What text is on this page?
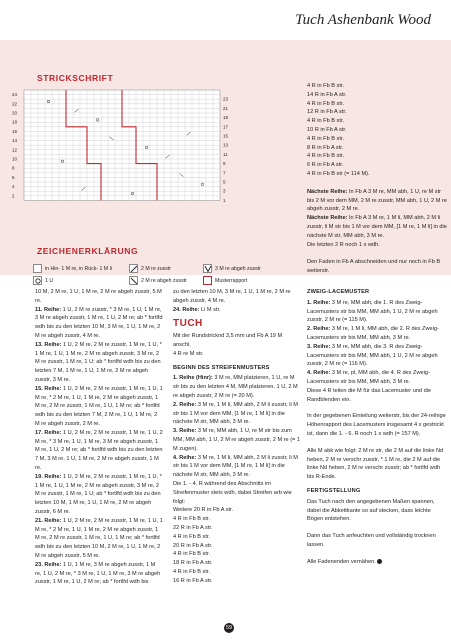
Tuch Ashenbank Wood
STRICKSCHRIFT
24
22
20
18
16
14
12
10
8
6
4
2
23
21
19
17
15
13
11
9
7
5
3
1
ZEICHENERKLÄRUNG
in Hin- 1 M re, in Rück- 1 M li	2 M re zusstr	3 M re abgeh zusstr
1 U	2 M re abgeh zusstr	Musterrapport

4 R in Fb B str.

14 R in Fb A str.

4 R in Fb B str.

12 R in Fb A str.

4 R in Fb B str.

10 R in Fb A str.

4 R in Fb B str.

8 R in Fb A str.

4 R in Fb B str.

6 R in Fb A str.

4 R in Fb B str (= 114 M).

Nächste Reihe: In Fb A 3 M re, MM abh, 1 U, re M str bis 2 M vor dem MM, 2 M re zusstr, MM abh, 1 U, 2 M re abgeh zusstr, 2 M re.

Nächste Reihe: In Fb A 3 M re, 1 M li, MM abh, 2 M li zusstr, li M str bis 1 M vor dem MM, [1 M re, 1 M li] in die nächste M str, MM abh, 3 M re.

Die letzten 2 R noch 1 x wdh.

Den Faden in Fb A abschneiden und nur noch in Fb B weiterstr.

10 M, 2 M re, 1 U, 1 M re, 2 M re abgeh zusstr, 5 M re.

11. Reihe: 1 U, 2 M re zusstr, * 3 M re, 1 U, 1 M re, 3 M re abgeh zusstr, 1 M re, 1 U, 2 M re; ab * fortlfd wdh bis zu den letzten 10 M, 3 M re, 1 U, 1 M re, 2 M re abgeh zusstr, 4 M re.

13. Reihe: 1 U, 2 M re, 2 M re zusstr, 1 M re, 1 U, * 1 M re, 1 U, 1 M re, 2 M re abgeh zusstr, 3 M re, 2 M re zusstr, 1 M re, 1 U; ab * fortlfd wdh bis zu den letzten 7 M, 1 M re, 1 U, 1 M re, 2 M re abgeh zusstr, 3 M re.

15. Reihe: 1 U, 2 M re, 2 M re zusstr, 1 M re, 1 U, 1 M re, * 2 M re, 1 U, 1 M re, 2 M re abgeh zusstr, 1 M re, 2 M re zusstr, 1 M re, 1 U, 1 M re; ab * fortlfd wdh bis zu den letzten 7 M, 2 M re, 1 U, 1 M re, 2 M re abgeh zusstr, 2 M re.

17. Reihe: 1 U, 2 M re, 2 M re zusstr, 1 M re, 1 U, 2 M re, * 3 M re, 1 U, 1 M re, 3 M re abgeh zusstr, 1 M re, 1 U, 2 M re; ab * fortlfd wdh bis zu den letzten 7 M, 3 M re, 1 U, 1 M re, 2 M re abgeh zusstr, 1 M re.

19. Reihe: 1 U, 2 M re, 2 M re zusstr, 1 M re, 1 U, * 1 M re, 1 U, 1 M re, 2 M re abgeh zusstr, 3 M re, 2 M re zusstr, 1 M re, 1 U; ab * fortlfd wdh bis zu den letzten 10 M, 1 M re, 1 U, 1 M re, 2 M re abgeh zusstr, 6 M re.

21. Reihe: 1 U, 2 M re, 2 M re zusstr, 1 M re, 1 U, 1 M re, * 2 M re, 1 U, 1 M re, 2 M re abgeh zusstr, 1 M re, 2 M re zusstr, 1 M re, 1 U, 1 M re; ab * fortlfd wdh bis zu den letzten 10 M, 2 M re, 1 U, 1 M re, 2 M re abgeh zusstr, 5 M re.

23. Reihe: 1 U, 1 M re, 3 M re abgeh zusstr, 1 M re, 1 U, 2 M re, * 3 M re, 1 U, 1 M re, 3 M re abgeh zusstr, 1 M re, 1 U, 2 M re; ab * fortlfd wdh bis

zu den letzten 10 M, 3 M re, 1 U, 1 M re, 2 M re abgeh zusstr, 4 M re.

24. Reihe: Li M str.

TUCH

Mit der Rundstricknd 3,5 mm und Fb A 19 M anschl.

4 R re M str.

BEGINN DES STREIFENMUSTERS

1. Reihe (Hinr): 3 M re, MM platzieren, 1 U, re M str bis zu den letzten 4 M, MM platzieren, 1 U, 2 M re abgeh zusstr, 2 M re (= 20 M).

2. Reihe: 3 M re, 1 M li, MM abh, 2 M li zusstr, li M str bis 1 M vor dem MM, [1 M re, 1 M li] in die nächste M str, MM abh, 3 M re.

3. Reihe: 3 M re, MM abh, 1 U, re M str bis zum MM, MM abh, 1 U, 2 M re abgeh zusstr, 2 M re (= 1 M zugen).

4. Reihe: 3 M re, 1 M li, MM abh, 2 M li zusstr, li M str bis 1 M vor dem MM, [1 M re, 1 M li] in die nächste M str, MM abh, 3 M re.

Die 1. - 4. R während des Abschnitts im Streifenmuster stets wdh, dabei Streifen arb wie folgt:

Weitere 20 R in Fb A str.

4 R in Fb B str.

22 R in Fb A str.

4 R in Fb B str.

20 R in Fb A str.

4 R in Fb B str.

18 R in Fb A str.

4 R in Fb B str.

16 R in Fb A str.

ZWEIG-LACEMUSTER

1. Reihe: 3 M re, MM abh, die 1. R des Zweig-Lacemusters str bis MM, MM abh, 1 U, 2 M re abgeh zusstr, 2 M re (= 115 M).

2. Reihe: 3 M re, 1 M li, MM abh, die 2. R des Zweig-Lacemusters str bis MM, MM abh, 3 M re.

3. Reihe: 3 M re, MM abh, die 3. R des Zweig-Lacemusters str bis MM, MM abh, 1 U, 2 M re abgeh zusstr, 2 M re (= 116 M).

4. Reihe: 3 M re, pl, MM abh, die 4. R des Zweig-Lacemusters str bis MM, MM abh, 3 M re.

Diese 4 R teilen die M für das Lacemuster und die Randblenden ein.

In der gegebenen Einteilung weiterstr, bis der 24-reihige Höhenrapport des Lacemusters insgesamt 4 x gestrickt ist, dann die 1. - 6. R noch 1 x wdh (= 157 M).

Alle M abk wie folgt: 2 M re str, die 2 M auf die linke Nd heben, 2 M re verschr zusstr, * 1 M re, die 2 M auf die linke Nd heben, 2 M re verschr zusstr; ab * fortlfd wdh bis R-Ende.

FERTIGSTELLUNG

Das Tuch nach den angegebenen Maßen spannen, dabei die Abkettkante so auf stecken, dass leichte Bögen entstehen.

Dann das Tuch anfeuchten und vollständig trocknen lassen.

Alle Fadenenden vernähen.

59
